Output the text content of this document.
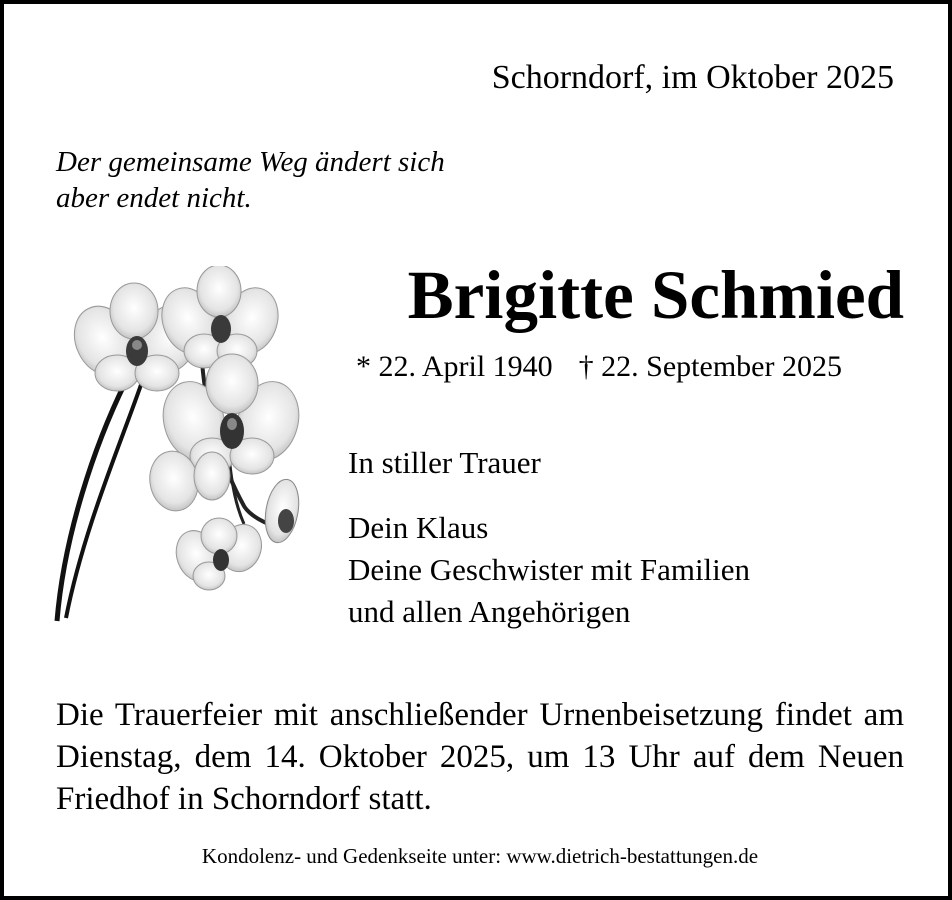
Schorndorf, im Oktober 2025
Der gemeinsame Weg ändert sich
aber endet nicht.
Brigitte Schmied
* 22. April 1940 † 22. September 2025
In stiller Trauer
Dein Klaus
Deine Geschwister mit Familien
und allen Angehörigen
Die Trauerfeier mit anschließender Urnenbeisetzung findet am Dienstag, dem 14. Oktober 2025, um 13 Uhr auf dem Neuen Friedhof in Schorndorf statt.
Kondolenz- und Gedenkseite unter: www.dietrich-bestattungen.de
